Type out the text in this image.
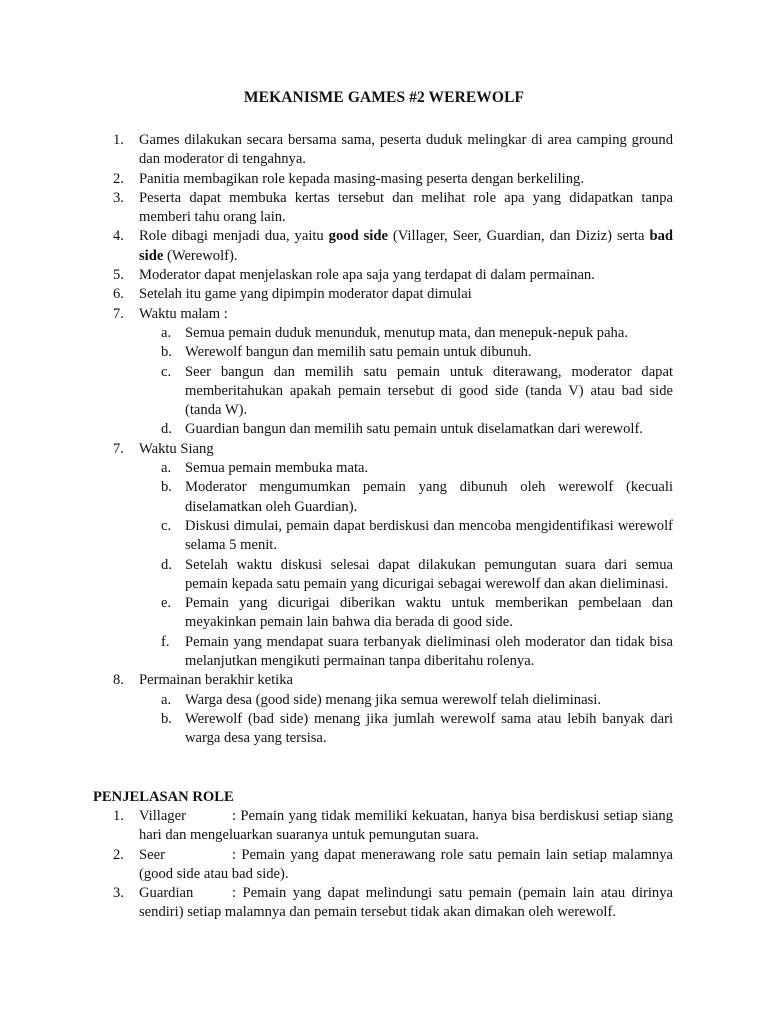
MEKANISME GAMES #2 WEREWOLF
1. Games dilakukan secara bersama sama, peserta duduk melingkar di area camping ground dan moderator di tengahnya.
2. Panitia membagikan role kepada masing-masing peserta dengan berkeliling.
3. Peserta dapat membuka kertas tersebut dan melihat role apa yang didapatkan tanpa memberi tahu orang lain.
4. Role dibagi menjadi dua, yaitu good side (Villager, Seer, Guardian, dan Diziz) serta bad side (Werewolf).
5. Moderator dapat menjelaskan role apa saja yang terdapat di dalam permainan.
6. Setelah itu game yang dipimpin moderator dapat dimulai
7. Waktu malam :
a. Semua pemain duduk menunduk, menutup mata, dan menepuk-nepuk paha.
b. Werewolf bangun dan memilih satu pemain untuk dibunuh.
c. Seer bangun dan memilih satu pemain untuk diterawang, moderator dapat memberitahukan apakah pemain tersebut di good side (tanda V) atau bad side (tanda W).
d. Guardian bangun dan memilih satu pemain untuk diselamatkan dari werewolf.
7. Waktu Siang
a. Semua pemain membuka mata.
b. Moderator mengumumkan pemain yang dibunuh oleh werewolf (kecuali diselamatkan oleh Guardian).
c. Diskusi dimulai, pemain dapat berdiskusi dan mencoba mengidentifikasi werewolf selama 5 menit.
d. Setelah waktu diskusi selesai dapat dilakukan pemungutan suara dari semua pemain kepada satu pemain yang dicurigai sebagai werewolf dan akan dieliminasi.
e. Pemain yang dicurigai diberikan waktu untuk memberikan pembelaan dan meyakinkan pemain lain bahwa dia berada di good side.
f. Pemain yang mendapat suara terbanyak dieliminasi oleh moderator dan tidak bisa melanjutkan mengikuti permainan tanpa diberitahu rolenya.
8. Permainan berakhir ketika
a. Warga desa (good side) menang jika semua werewolf telah dieliminasi.
b. Werewolf (bad side) menang jika jumlah werewolf sama atau lebih banyak dari warga desa yang tersisa.
PENJELASAN ROLE
1. Villager	: Pemain yang tidak memiliki kekuatan, hanya bisa berdiskusi setiap siang hari dan mengeluarkan suaranya untuk pemungutan suara.
2. Seer	: Pemain yang dapat menerawang role satu pemain lain setiap malamnya (good side atau bad side).
3. Guardian	: Pemain yang dapat melindungi satu pemain (pemain lain atau dirinya sendiri) setiap malamnya dan pemain tersebut tidak akan dimakan oleh werewolf.
